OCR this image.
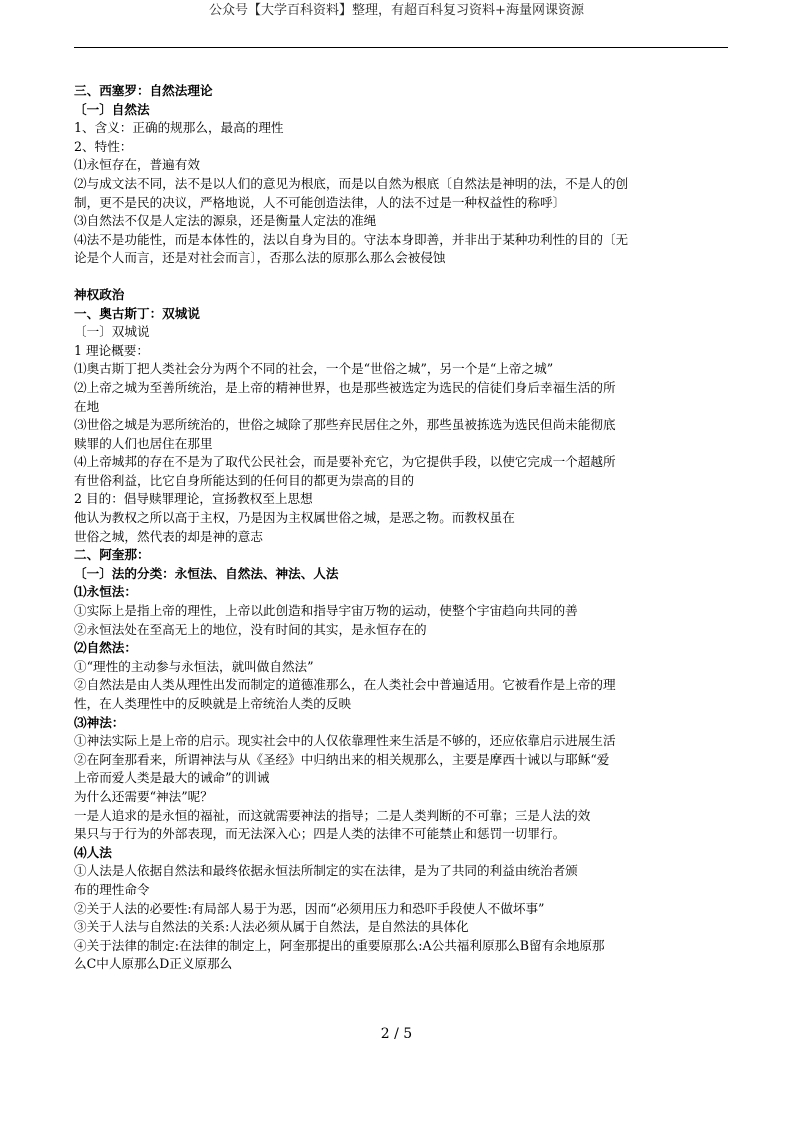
公众号【大学百科资料】整理，有超百科复习资料+海量网课资源
三、西塞罗：自然法理论
〔一〕自然法
1、含义：正确的规那么，最高的理性
2、特性：
⑴永恒存在，普遍有效
⑵与成文法不同，法不是以人们的意见为根底，而是以自然为根底〔自然法是神明的法，不是人的创
制，更不是民的决议，严格地说，人不可能创造法律，人的法不过是一种权益性的称呼〕
⑶自然法不仅是人定法的源泉，还是衡量人定法的准绳
⑷法不是功能性，而是本体性的，法以自身为目的。守法本身即善，并非出于某种功利性的目的〔无
论是个人而言，还是对社会而言〕，否那么法的原那么那么会被侵蚀
神权政治
一、奥古斯丁：双城说
〔一〕双城说
1 理论概要：
⑴奥古斯丁把人类社会分为两个不同的社会，一个是“世俗之城”，另一个是“上帝之城”
⑵上帝之城为至善所统治，是上帝的精神世界，也是那些被选定为选民的信徒们身后幸福生活的所
在地
⑶世俗之城是为恶所统治的，世俗之城除了那些弃民居住之外，那些虽被拣选为选民但尚未能彻底
赎罪的人们也居住在那里
⑷上帝城邦的存在不是为了取代公民社会，而是要补充它，为它提供手段，以使它完成一个超越所
有世俗利益，比它自身所能达到的任何目的都更为崇高的目的
2 目的：倡导赎罪理论，宣扬教权至上思想
他认为教权之所以高于主权，乃是因为主权属世俗之城，是恶之物。而教权虽在
世俗之城，然代表的却是神的意志
二、阿奎那：
〔一〕法的分类：永恒法、自然法、神法、人法
⑴永恒法：
①实际上是指上帝的理性，上帝以此创造和指导宇宙万物的运动，使整个宇宙趋向共同的善
②永恒法处在至高无上的地位，没有时间的其实，是永恒存在的
⑵自然法：
①“理性的主动参与永恒法，就叫做自然法”
②自然法是由人类从理性出发而制定的道德准那么，在人类社会中普遍适用。它被看作是上帝的理
性，在人类理性中的反映就是上帝统治人类的反映
⑶神法：
①神法实际上是上帝的启示。现实社会中的人仅依靠理性来生活是不够的，还应依靠启示进展生活
②在阿奎那看来，所谓神法与从《圣经》中归纳出来的相关规那么，主要是摩西十诫以与耶稣“爱
上帝而爱人类是最大的诫命”的训诫
为什么还需要“神法”呢？
一是人追求的是永恒的福祉，而这就需要神法的指导；二是人类判断的不可靠；三是人法的效
果只与于行为的外部表现，而无法深入心；四是人类的法律不可能禁止和惩罚一切罪行。
⑷人法
①人法是人依据自然法和最终依据永恒法所制定的实在法律，是为了共同的利益由统治者颁
布的理性命令
②关于人法的必要性:有局部人易于为恶，因而“必须用压力和恐吓手段使人不做坏事”
③关于人法与自然法的关系:人法必须从属于自然法，是自然法的具体化
④关于法律的制定:在法律的制定上，阿奎那提出的重要原那么:A公共福利原那么B留有余地原那
么C中人原那么D正义原那么
2 / 5
